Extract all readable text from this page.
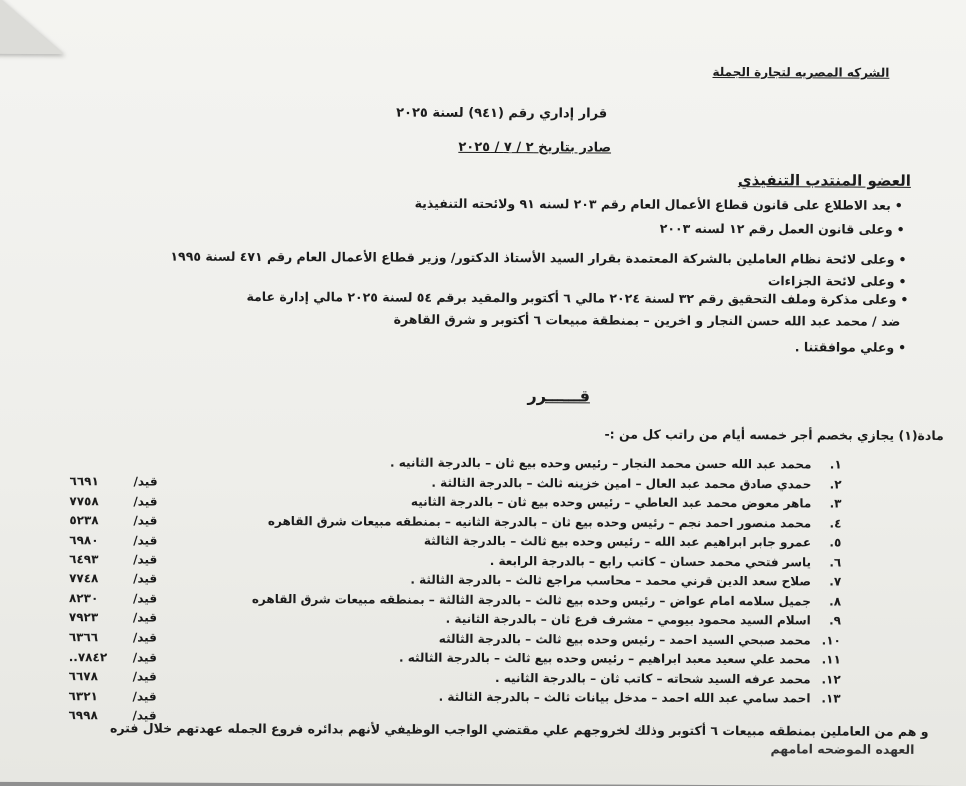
الشركه المصريه لتجارة الجملة
قرار إداري رقم (٩٤١) لسنة ٢٠٢٥
صادر بتاريخ ٢ / ٧ / ٢٠٢٥
العضو المنتدب التنفيذي
•بعد الاطلاع على قانون قطاع الأعمال العام رقم ٢٠٣ لسنه ٩١ ولائحته التنفيذية
•وعلى قانون العمل رقم ١٢ لسنه ٢٠٠٣
•وعلى لائحة نظام العاملين بالشركة المعتمدة بقرار السيد الأستاذ الدكتور/ وزير قطاع الأعمال العام رقم ٤٧١ لسنة ١٩٩٥
•وعلى لائحة الجزاءات
•وعلى مذكرة وملف التحقيق رقم ٣٢ لسنة ٢٠٢٤ مالي ٦ أكتوبر والمقيد برقم ٥٤ لسنة ٢٠٢٥ مالي إدارة عامة
ضد / محمد عبد الله حسن النجار و اخرين – بمنطقة مبيعات ٦ أكتوبر و شرق القاهرة
•وعلي موافقتنا .
قــــــرر
مادة(١) يجازي بخصم أجر خمسه أيام من راتب كل من :-
١. محمد عبد الله حسن محمد النجار – رئيس وحده بيع ثان – بالدرجة الثانيه .
٢. حمدي صادق محمد عبد العال – امين خزينه ثالث – بالدرجة الثالثة .
٣. ماهر معوض محمد عبد العاطي – رئيس وحده بيع ثان – بالدرجة الثانيه
٤. محمد منصور احمد نجم – رئيس وحده بيع ثان – بالدرجة الثانيه – بمنطقه مبيعات شرق القاهره
٥. عمرو جابر ابراهيم عبد الله – رئيس وحده بيع ثالث – بالدرجة الثالثة
٦. ياسر فتحي محمد حسان – كاتب رابع – بالدرجة الرابعة .
٧. صلاح سعد الدين قرني محمد – محاسب مراجع ثالث – بالدرجة الثالثة .
٨. جميل سلامه امام عواض – رئيس وحده بيع ثالث – بالدرجة الثالثة – بمنطقه مبيعات شرق القاهره
٩. اسلام السيد محمود بيومي – مشرف فرع ثان – بالدرجة الثانية .
١٠. محمد صبحي السيد احمد – رئيس وحده بيع ثالث – بالدرجة الثالثه
١١. محمد علي سعيد معبد ابراهيم – رئيس وحده بيع ثالث – بالدرجة الثالثه .
١٢. محمد عرفه السيد شحاته – كاتب ثان – بالدرجة الثانيه .
١٣. احمد سامي عبد الله احمد – مدخل بيانات ثالث – بالدرجة الثالثة .
قيد/٦٦٩١
قيد/٧٧٥٨
قيد/٥٢٣٨
قيد/٦٩٨٠
قيد/٦٤٩٣
قيد/٧٧٤٨
قيد/٨٢٣٠
قيد/٧٩٢٣
قيد/٦٣٦٦
قيد/٧٨٤٢..
قيد/٦٦٧٨
قيد/٦٣٢١
قيد/٦٩٩٨
و هم من العاملين بمنطقه مبيعات ٦ أكتوبر وذلك لخروجهم علي مقتضي الواجب الوظيفي لأنهم بدائره فروع الجمله عهدتهم خلال فتره
العهده الموضحه امامهم
